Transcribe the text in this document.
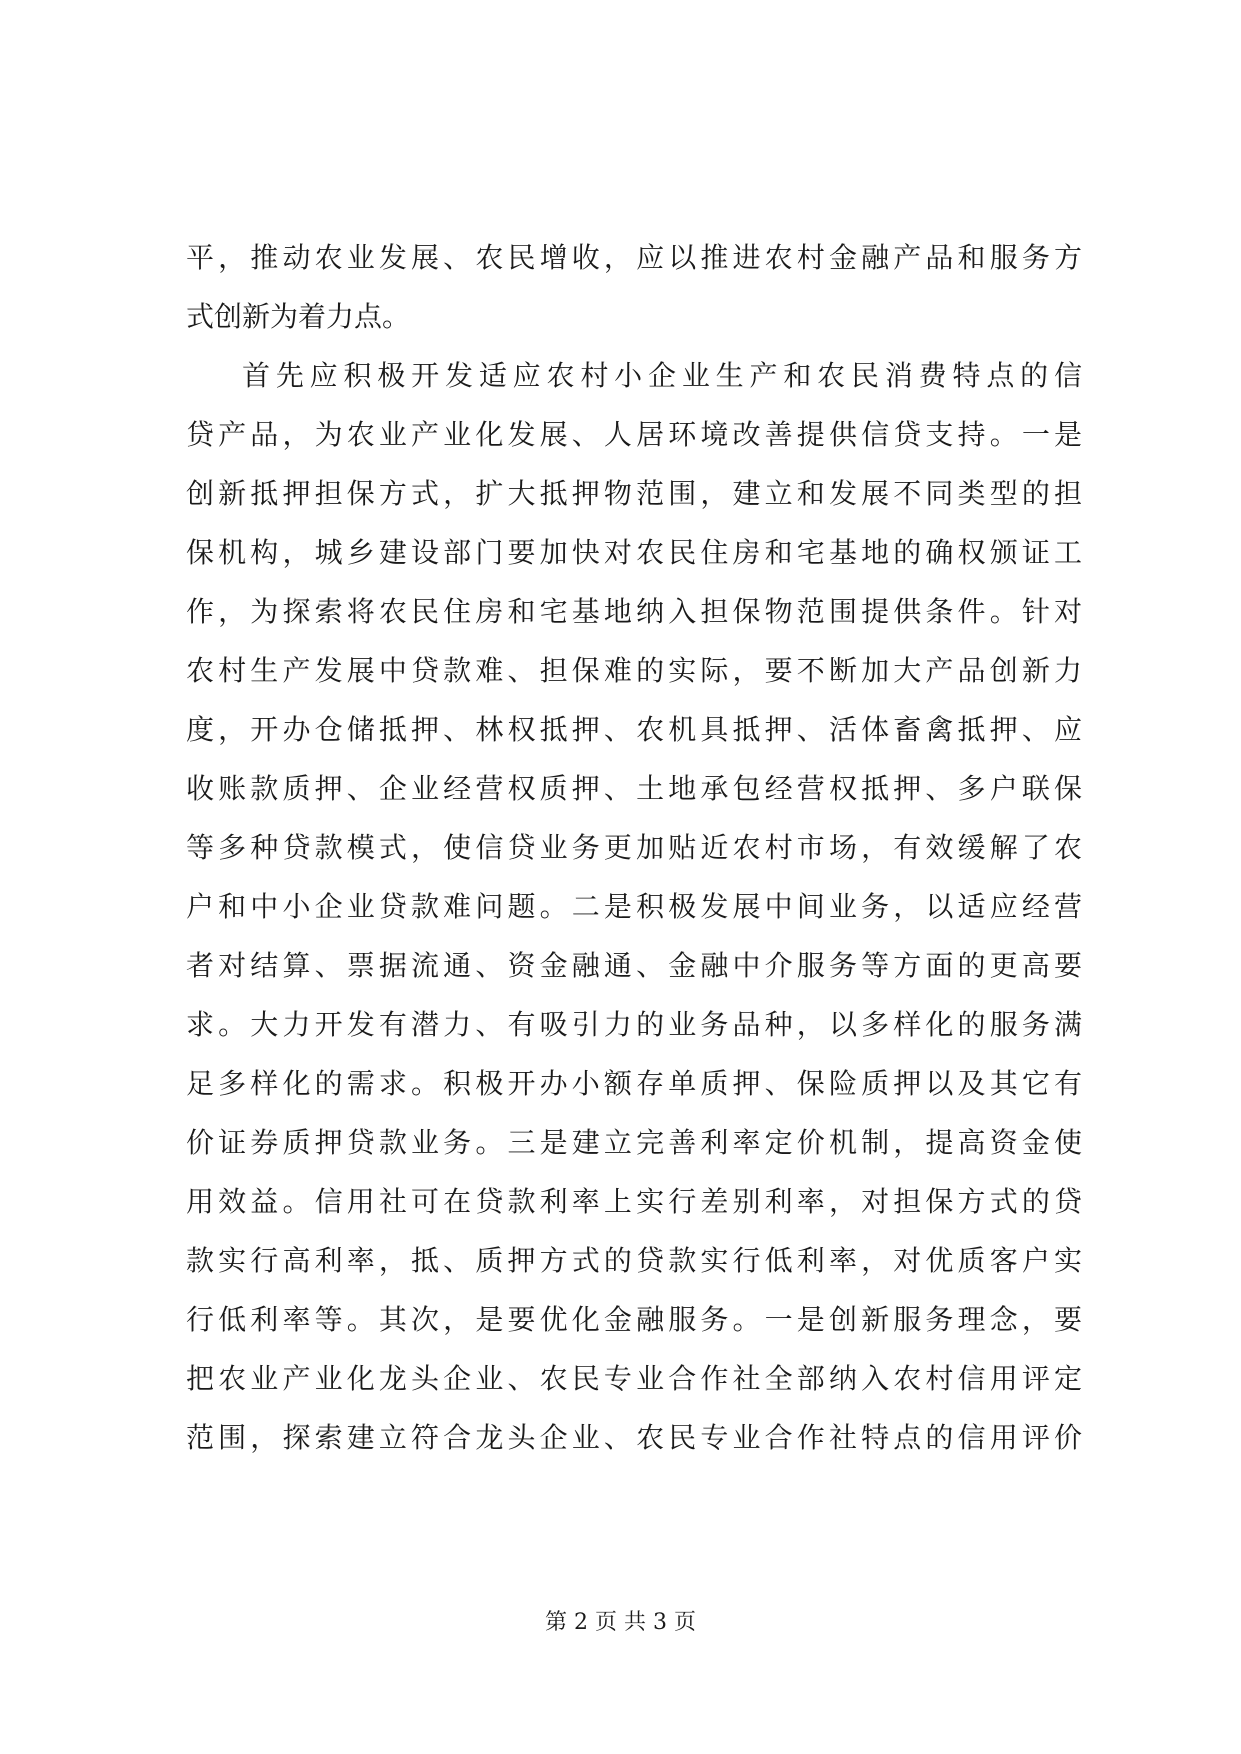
平，推动农业发展、农民增收，应以推进农村金融产品和服务方
式创新为着力点。
首先应积极开发适应农村小企业生产和农民消费特点的信
贷产品，为农业产业化发展、人居环境改善提供信贷支持。一是
创新抵押担保方式，扩大抵押物范围，建立和发展不同类型的担
保机构，城乡建设部门要加快对农民住房和宅基地的确权颁证工
作，为探索将农民住房和宅基地纳入担保物范围提供条件。针对
农村生产发展中贷款难、担保难的实际，要不断加大产品创新力
度，开办仓储抵押、林权抵押、农机具抵押、活体畜禽抵押、应
收账款质押、企业经营权质押、土地承包经营权抵押、多户联保
等多种贷款模式，使信贷业务更加贴近农村市场，有效缓解了农
户和中小企业贷款难问题。二是积极发展中间业务，以适应经营
者对结算、票据流通、资金融通、金融中介服务等方面的更高要
求。大力开发有潜力、有吸引力的业务品种，以多样化的服务满
足多样化的需求。积极开办小额存单质押、保险质押以及其它有
价证券质押贷款业务。三是建立完善利率定价机制，提高资金使
用效益。信用社可在贷款利率上实行差别利率，对担保方式的贷
款实行高利率，抵、质押方式的贷款实行低利率，对优质客户实
行低利率等。其次，是要优化金融服务。一是创新服务理念，要
把农业产业化龙头企业、农民专业合作社全部纳入农村信用评定
范围，探索建立符合龙头企业、农民专业合作社特点的信用评价
第 2 页 共 3 页
